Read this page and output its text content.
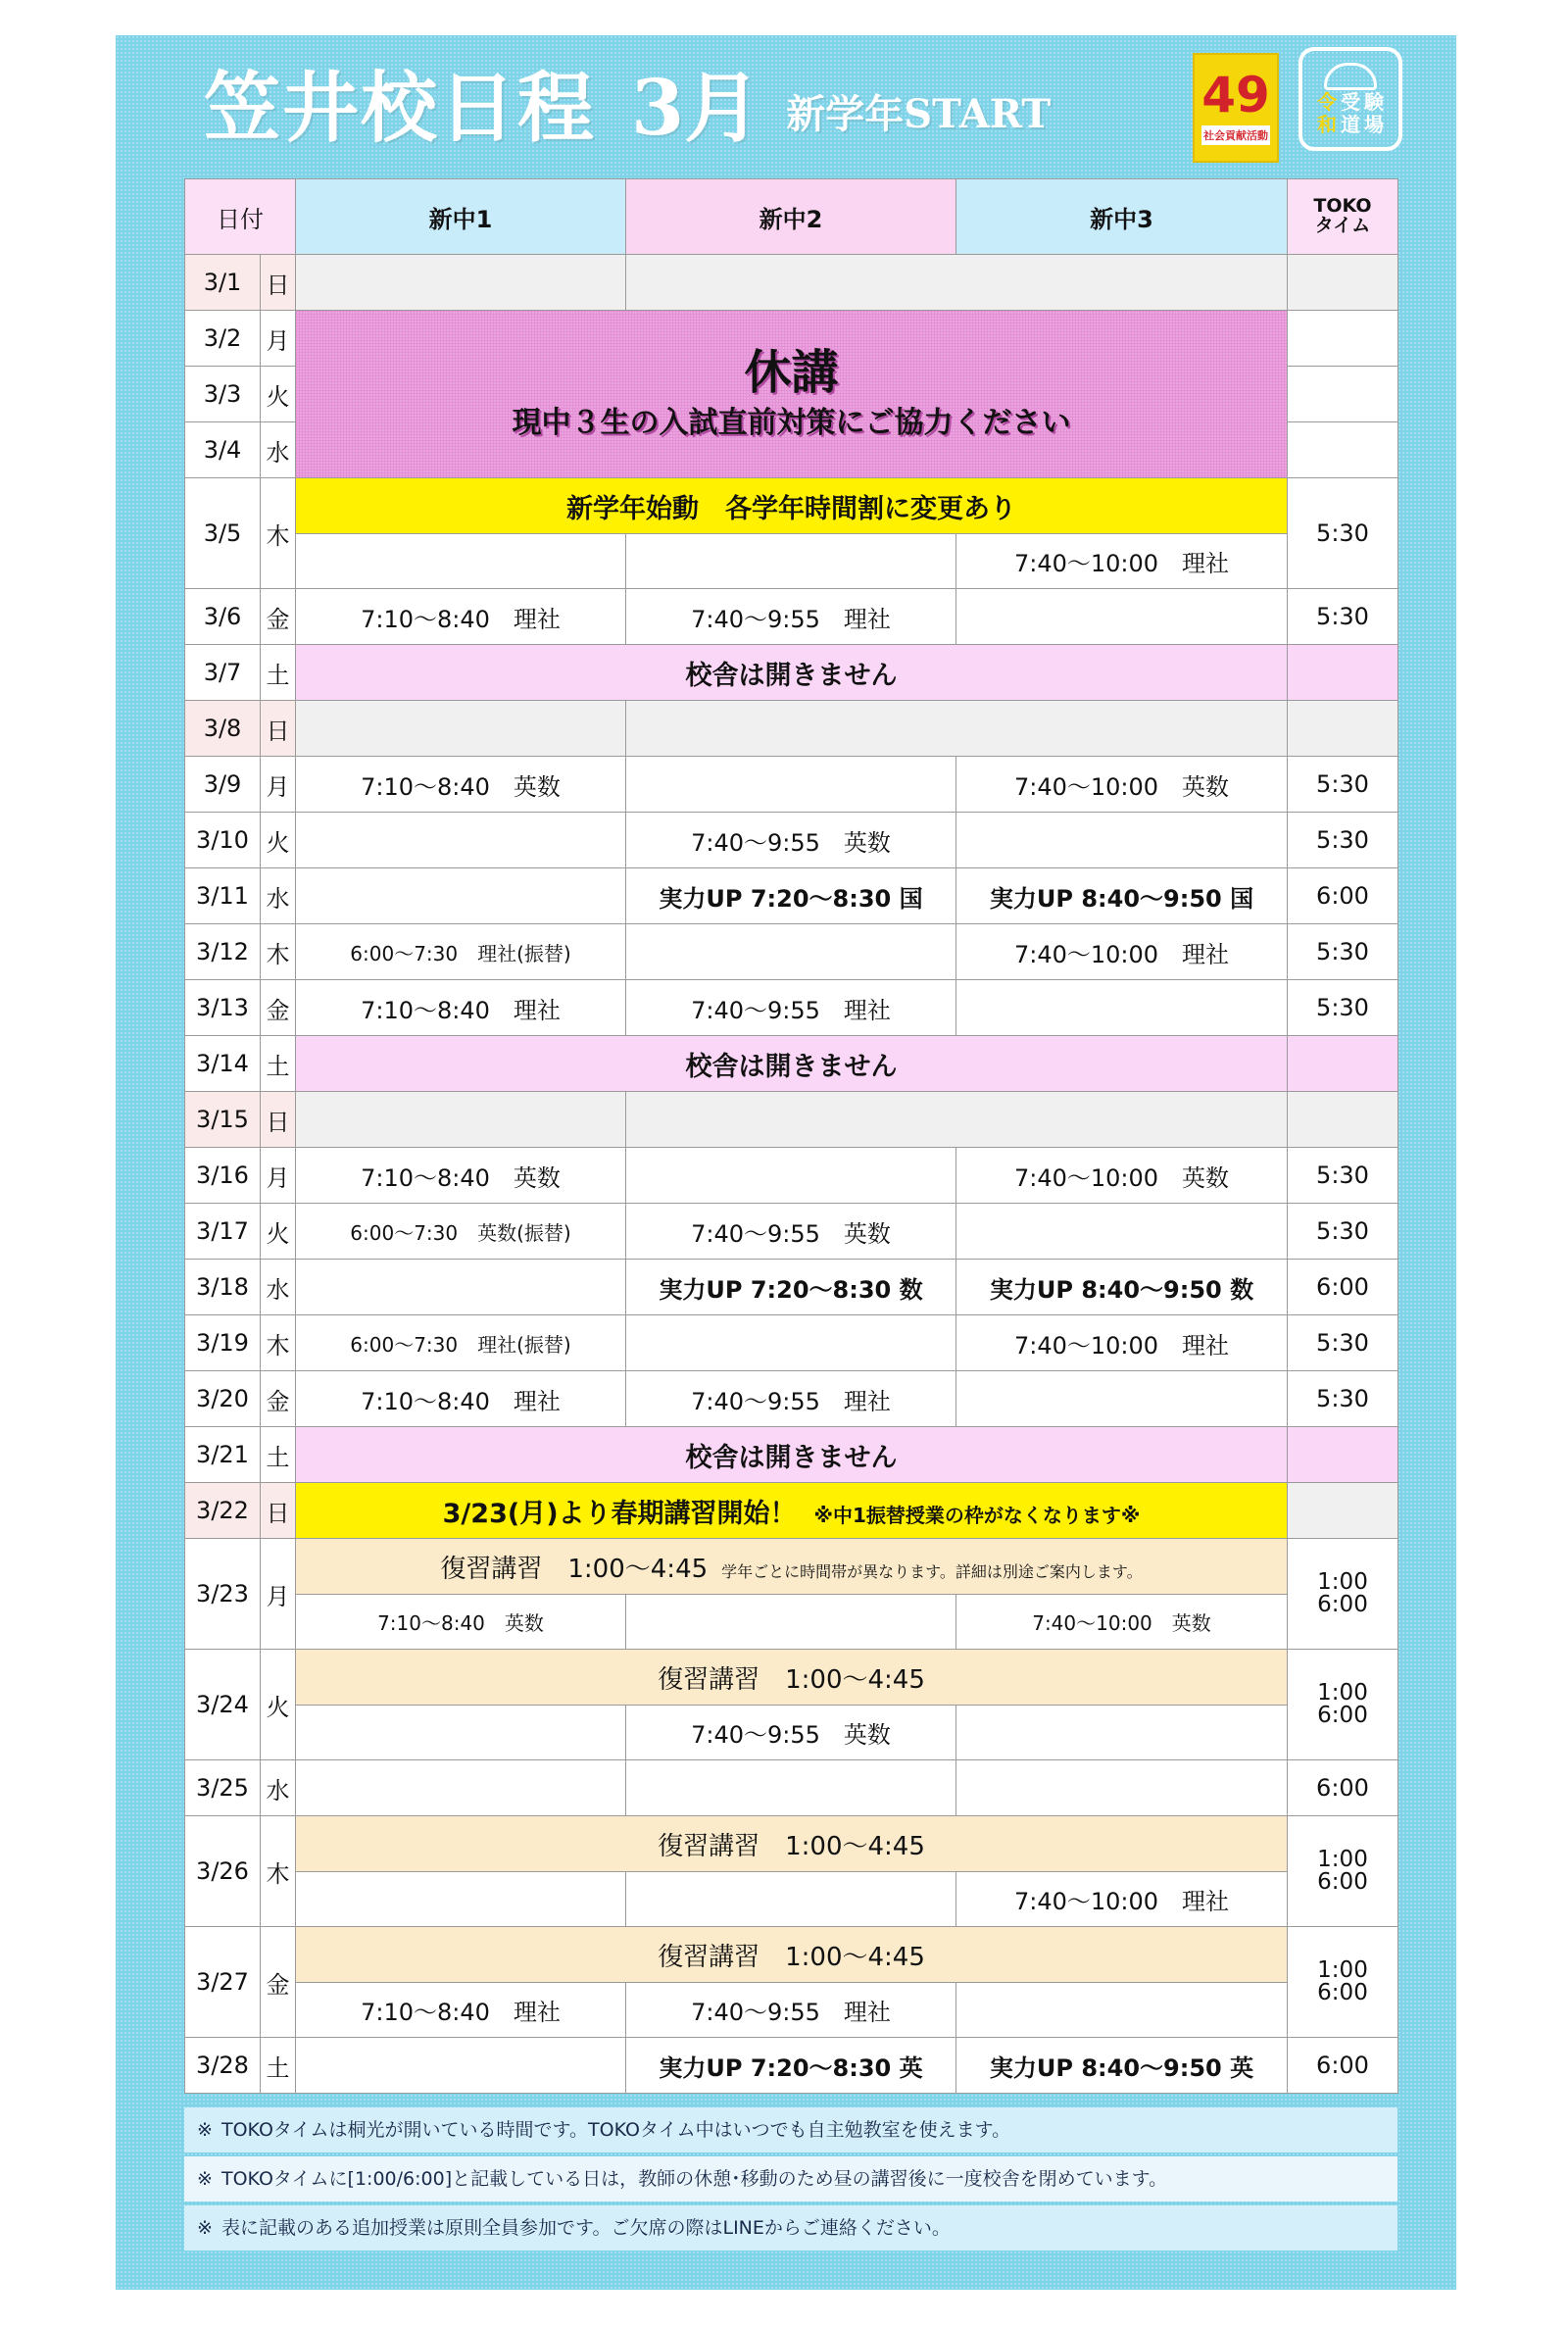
笠井校日程 3月 新学年START	49
社会貢献活動
令 受 験
和 道 場
日付		新中1	新中2	新中3	TOKO
タイム
3/1	日				
3/2	月	休講
現中３生の入試直前対策にご協力ください			

3/3	火				
3/4	水				
3/5	木	新学年始動　各学年時間割に変更あり			5:30
				7:40～10:00　理社	
3/6	金	7:10～8:40　理社	7:40～9:55　理社		5:30
3/7	土	校舎は開きません			
3/8	日				
3/9	月	7:10～8:40　英数		7:40～10:00　英数	5:30
3/10	火		7:40～9:55　英数		5:30
3/11	水		実力UP 7:20～8:30 国	実力UP 8:40～9:50 国	6:00
3/12	木	6:00～7:30　理社(振替)		7:40～10:00　理社	5:30
3/13	金	7:10～8:40　理社	7:40～9:55　理社		5:30
3/14	土	校舎は開きません			
3/15	日				
3/16	月	7:10～8:40　英数		7:40～10:00　英数	5:30
3/17	火	6:00～7:30　英数(振替)	7:40～9:55　英数		5:30
3/18	水		実力UP 7:20～8:30 数	実力UP 8:40～9:50 数	6:00
3/19	木	6:00～7:30　理社(振替)		7:40～10:00　理社	5:30
3/20	金	7:10～8:40　理社	7:40～9:55　理社		5:30
3/21	土	校舎は開きません			
3/22	日	3/23(月)より春期講習開始！ ※中1振替授業の枠がなくなります※			
3/23	月	復習講習　1:00～4:45 学年ごとに時間帯が異なります。詳細は別途ご案内します。			1:00
6:00
		7:10～8:40　英数		7:40～10:00　英数	
3/24	火	復習講習　1:00～4:45			1:00
6:00
			7:40～9:55　英数		
3/25	水				6:00
3/26	木	復習講習　1:00～4:45			1:00
6:00
				7:40～10:00　理社	
3/27	金	復習講習　1:00～4:45			1:00
6:00
		7:10～8:40　理社	7:40～9:55　理社		
3/28	土		実力UP 7:20～8:30 英	実力UP 8:40～9:50 英	6:00
※ TOKOタイムは桐光が開いている時間です。TOKOタイム中はいつでも自主勉教室を使えます。
※ TOKOタイムに[1:00/6:00]と記載している日は，教師の休憩･移動のため昼の講習後に一度校舎を閉めています。
※ 表に記載のある追加授業は原則全員参加です。ご欠席の際はLINEからご連絡ください。
